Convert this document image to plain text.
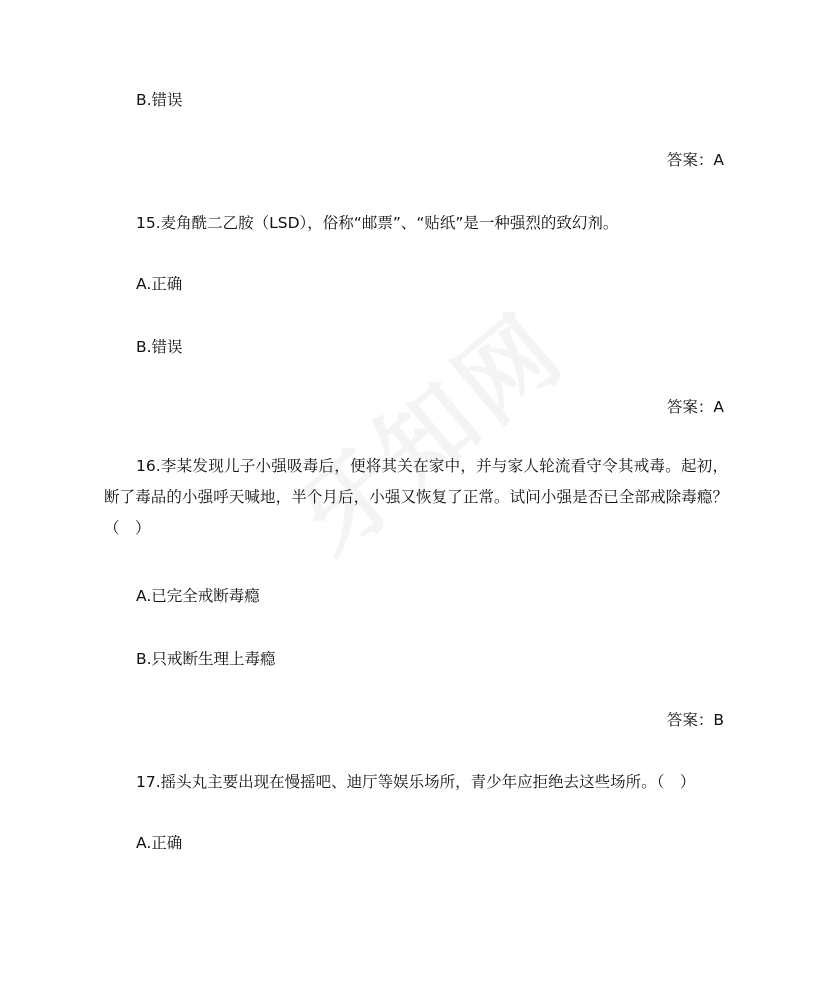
B.错误
答案：A
15.麦角酰二乙胺（LSD），俗称“邮票”、“贴纸”是一种强烈的致幻剂。
A.正确
B.错误
答案：A
16.李某发现儿子小强吸毒后，便将其关在家中，并与家人轮流看守令其戒毒。起初，断了毒品的小强呼天喊地，半个月后，小强又恢复了正常。试问小强是否已全部戒除毒瘾？（　）
A.已完全戒断毒瘾
B.只戒断生理上毒瘾
答案：B
17.摇头丸主要出现在慢摇吧、迪厅等娱乐场所，青少年应拒绝去这些场所。（　）
A.正确
